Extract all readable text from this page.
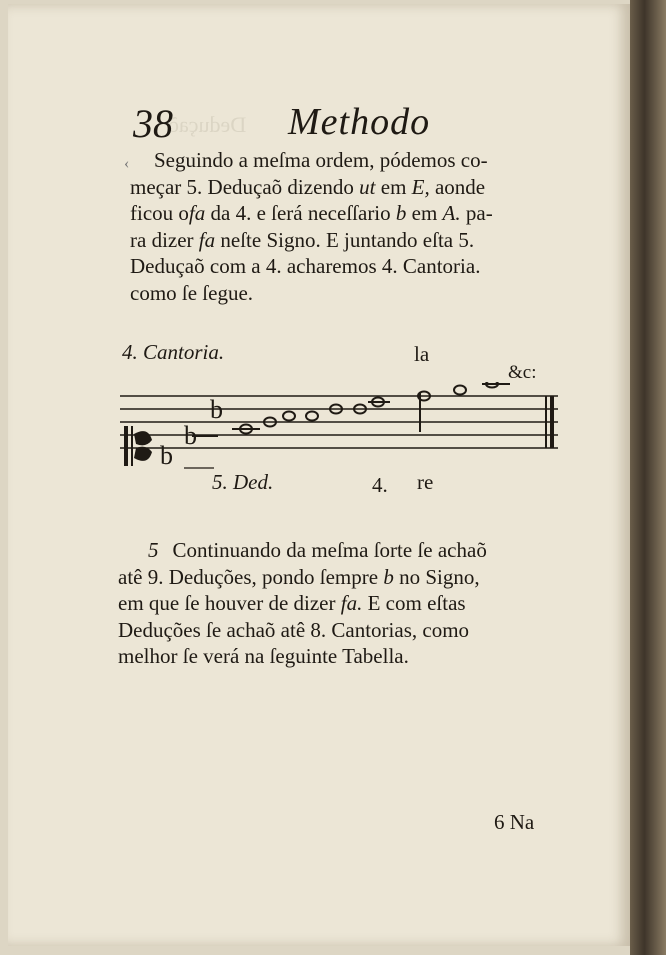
Deduçaõ
38	Methodo
‹	Seguindo a meſma ordem, pódemos co-
meçar 5. Deduçaõ dizendo ut em E, aonde
ficou ofa da 4. e ſerá neceſſario b em A. pa-
ra dizer fa neſte Signo. E juntando eſta 5.
Deduçaõ com a 4. acharemos 4. Cantoria.
como ſe ſegue.
4. Cantoria.	la
&c:
b
b
b
5. Ded.	4. re
5 Continuando da meſma ſorte ſe achaõ
atê 9. Deduções, pondo ſempre b no Signo,
em que ſe houver de dizer fa. E com eſtas
Deduções ſe achaõ atê 8. Cantorias, como
melhor ſe verá na ſeguinte Tabella.
6 Na
